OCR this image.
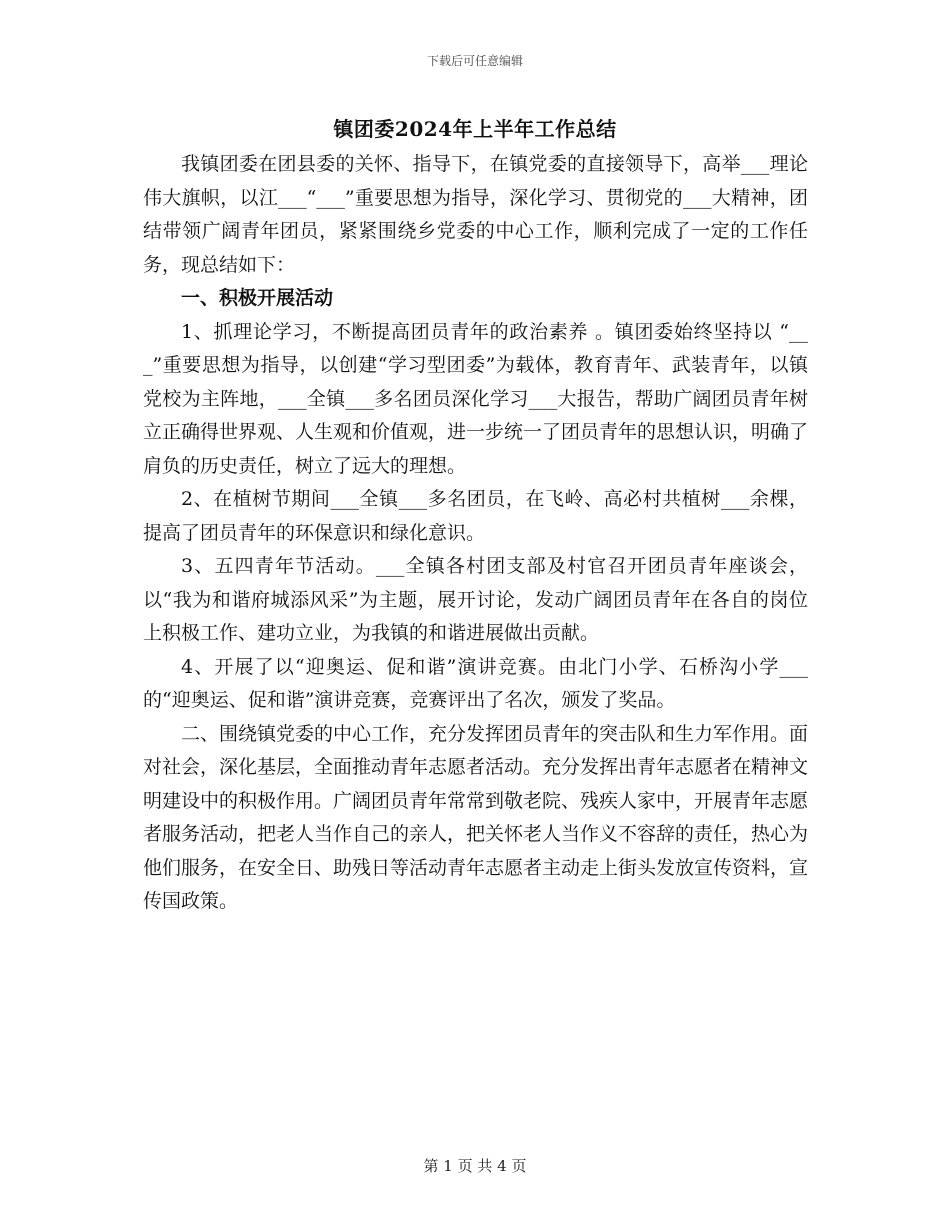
下载后可任意编辑
镇团委2024年上半年工作总结

我镇团委在团县委的关怀、指导下，在镇党委的直接领导下，高举___理论伟大旗帜，以江___“___”重要思想为指导，深化学习、贯彻党的___大精神，团结带领广阔青年团员，紧紧围绕乡党委的中心工作，顺利完成了一定的工作任务，现总结如下：

一、积极开展活动

1、抓理论学习，不断提高团员青年的政治素养 。镇团委始终坚持以 “___”重要思想为指导，以创建“学习型团委”为载体，教育青年、武装青年，以镇党校为主阵地，___全镇___多名团员深化学习___大报告，帮助广阔团员青年树立正确得世界观、人生观和价值观，进一步统一了团员青年的思想认识，明确了肩负的历史责任，树立了远大的理想。

2、在植树节期间___全镇___多名团员，在飞岭、高必村共植树___余棵，提高了团员青年的环保意识和绿化意识。

3、五四青年节活动。___全镇各村团支部及村官召开团员青年座谈会，以“我为和谐府城添风采”为主题，展开讨论，发动广阔团员青年在各自的岗位上积极工作、建功立业，为我镇的和谐进展做出贡献。

4、开展了以“迎奥运、促和谐”演讲竞赛。由北门小学、石桥沟小学___的“迎奥运、促和谐”演讲竞赛，竞赛评出了名次，颁发了奖品。

二、围绕镇党委的中心工作，充分发挥团员青年的突击队和生力军作用。面对社会，深化基层，全面推动青年志愿者活动。充分发挥出青年志愿者在精神文明建设中的积极作用。广阔团员青年常常到敬老院、残疾人家中，开展青年志愿者服务活动，把老人当作自己的亲人，把关怀老人当作义不容辞的责任，热心为他们服务，在安全日、助残日等活动青年志愿者主动走上街头发放宣传资料，宣传国政策。

第 1 页 共 4 页
